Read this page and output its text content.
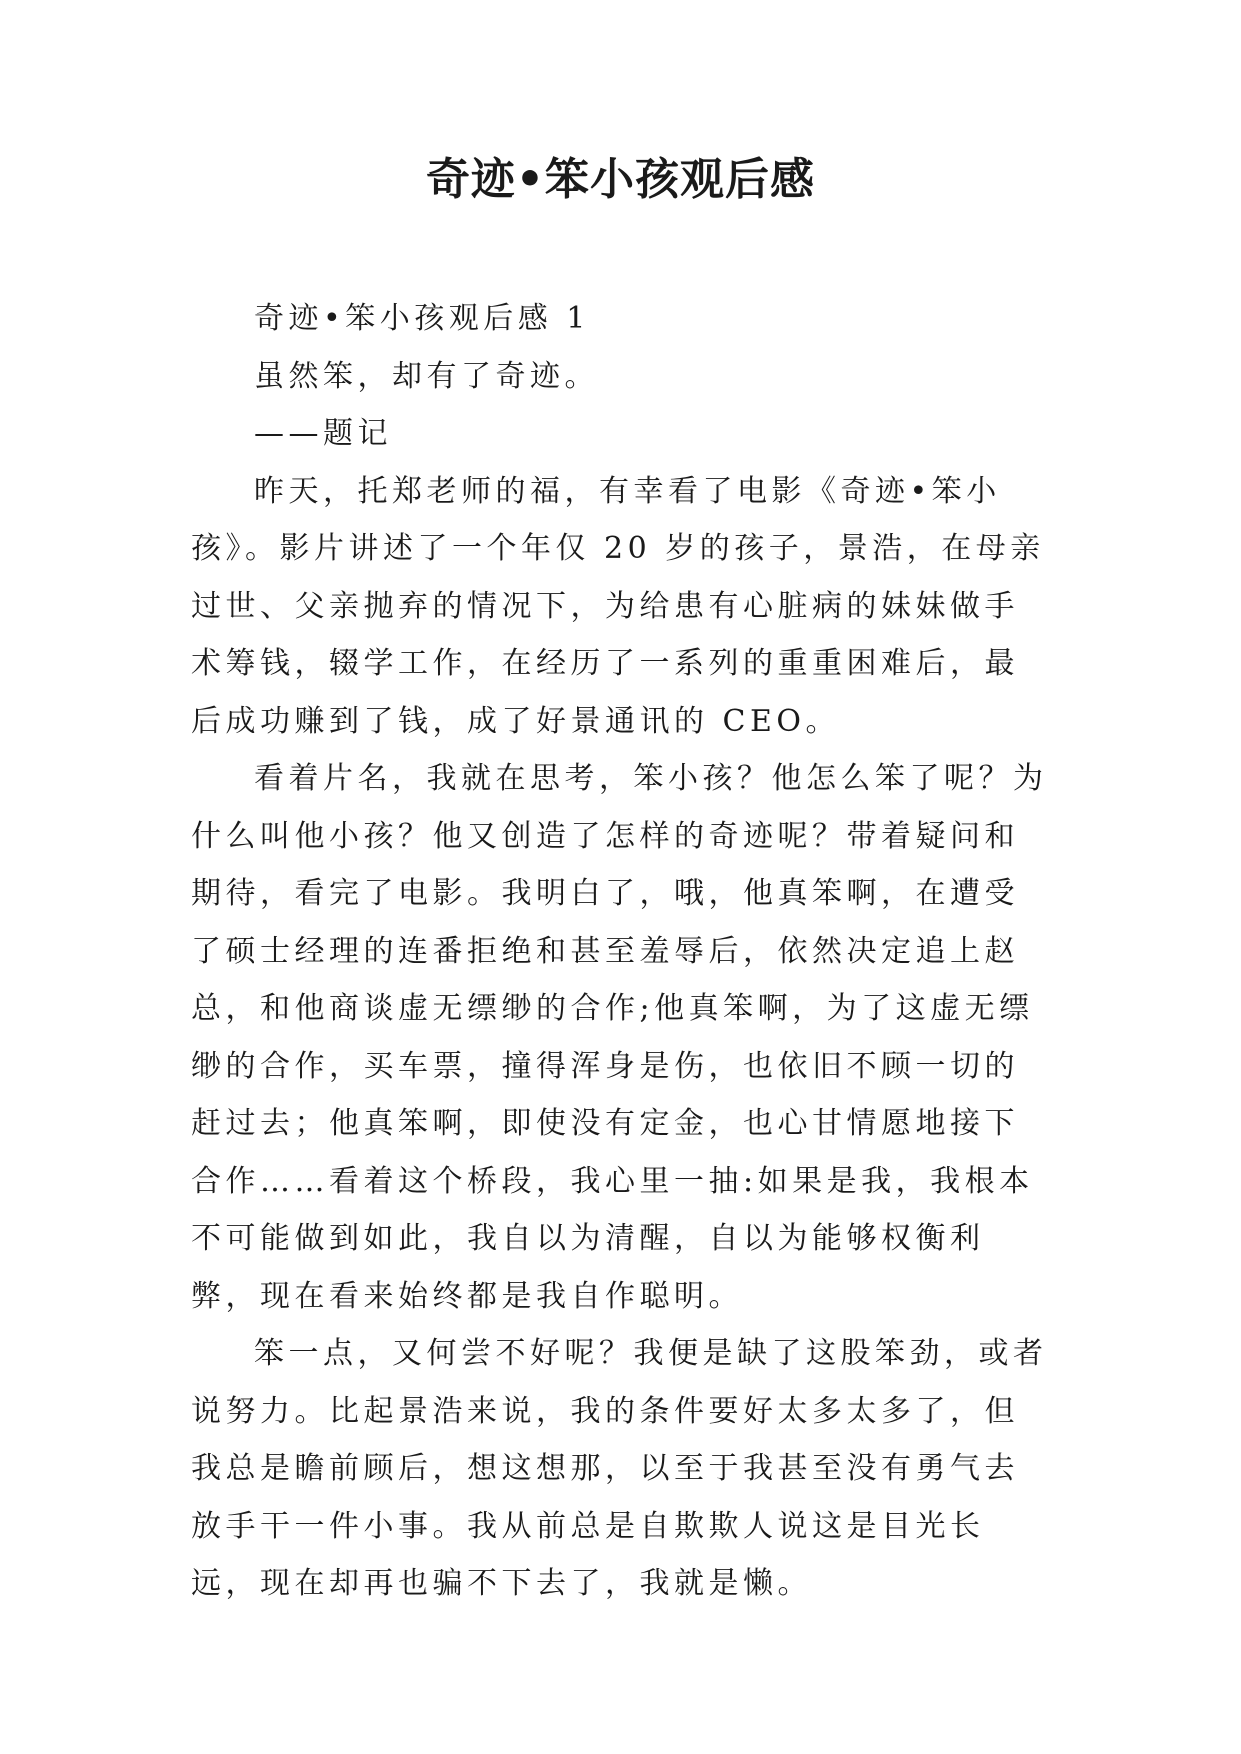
奇迹•笨小孩观后感

奇迹•笨小孩观后感 1

虽然笨，却有了奇迹。

——题记

昨天，托郑老师的福，有幸看了电影《奇迹•笨小孩》。影片讲述了一个年仅 20 岁的孩子，景浩，在母亲过世、父亲抛弃的情况下，为给患有心脏病的妹妹做手术筹钱，辍学工作，在经历了一系列的重重困难后，最后成功赚到了钱，成了好景通讯的 CEO。

看着片名，我就在思考，笨小孩？他怎么笨了呢？为什么叫他小孩？他又创造了怎样的奇迹呢？带着疑问和期待，看完了电影。我明白了，哦，他真笨啊，在遭受了硕士经理的连番拒绝和甚至羞辱后，依然决定追上赵总，和他商谈虚无缥缈的合作;他真笨啊，为了这虚无缥缈的合作，买车票，撞得浑身是伤，也依旧不顾一切的赶过去；他真笨啊，即使没有定金，也心甘情愿地接下合作……看着这个桥段，我心里一抽:如果是我，我根本不可能做到如此，我自以为清醒，自以为能够权衡利弊，现在看来始终都是我自作聪明。

笨一点，又何尝不好呢？我便是缺了这股笨劲，或者说努力。比起景浩来说，我的条件要好太多太多了，但我总是瞻前顾后，想这想那，以至于我甚至没有勇气去放手干一件小事。我从前总是自欺欺人说这是目光长远，现在却再也骗不下去了，我就是懒。
